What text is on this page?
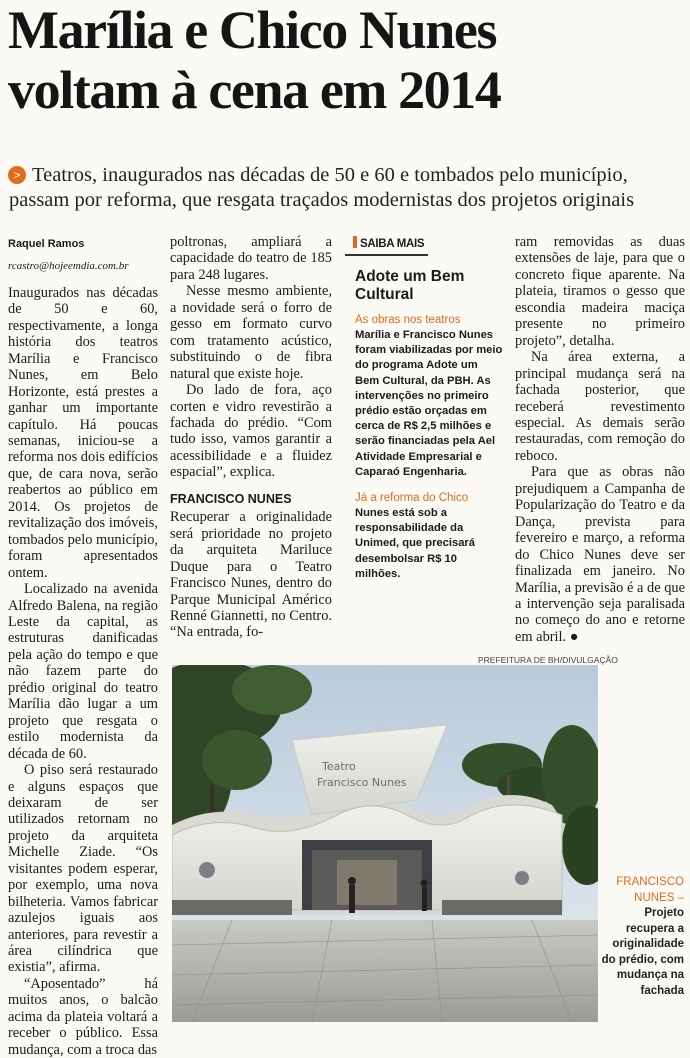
Marília e Chico Nunes
voltam à cena em 2014
> Teatros, inaugurados nas décadas de 50 e 60 e tombados pelo município,
passam por reforma, que resgata traçados modernistas dos projetos originais
Raquel Ramos
rcastro@hojeemdia.com.br

Inaugurados nas décadas de 50 e 60, respectivamente, a longa história dos teatros Marília e Francisco Nunes, em Belo Horizonte, está prestes a ganhar um importante capítulo. Há poucas semanas, iniciou-se a reforma nos dois edifícios que, de cara nova, serão reabertos ao público em 2014. Os projetos de revitalização dos imóveis, tombados pelo município, foram apresentados ontem.

Localizado na avenida Alfredo Balena, na região Leste da capital, as estruturas danificadas pela ação do tempo e que não fazem parte do prédio original do teatro Marília dão lugar a um projeto que resgata o estilo modernista da década de 60.

O piso será restaurado e alguns espaços que deixaram de ser utilizados retornam no projeto da arquiteta Michelle Ziade. “Os visitantes podem esperar, por exemplo, uma nova bilheteria. Vamos fabricar azulejos iguais aos anteriores, para revestir a área cilíndrica que existia”, afirma.

“Aposentado” há muitos anos, o balcão acima da plateia voltará a receber o público. Essa mudança, com a troca das

poltronas, ampliará a capacidade do teatro de 185 para 248 lugares.

Nesse mesmo ambiente, a novidade será o forro de gesso em formato curvo com tratamento acústico, substituindo o de fibra natural que existe hoje.

Do lado de fora, aço corten e vidro revestirão a fachada do prédio. “Com tudo isso, vamos garantir a acessibilidade e a fluidez espacial”, explica.

FRANCISCO NUNES

Recuperar a originalidade será prioridade no projeto da arquiteta Mariluce Duque para o Teatro Francisco Nunes, dentro do Parque Municipal Américo Renné Giannetti, no Centro. “Na entrada, fo-

SAIBA MAIS
Adote um Bem Cultural
As obras nos teatros
Marília e Francisco Nunes foram viabilizadas por meio do programa Adote um Bem Cultural, da PBH. As intervenções no primeiro prédio estão orçadas em cerca de R$ 2,5 milhões e serão financiadas pela Ael Atividade Empresarial e Caparaó Engenharia.
Já a reforma do Chico
Nunes está sob a responsabilidade da Unimed, que precisará desembolsar R$ 10 milhões.

ram removidas as duas extensões de laje, para que o concreto fique aparente. Na plateia, tiramos o gesso que escondia madeira maciça presente no primeiro projeto”, detalha.

Na área externa, a principal mudança será na fachada posterior, que receberá revestimento especial. As demais serão restauradas, com remoção do reboco.

Para que as obras não prejudiquem a Campanha de Popularização do Teatro e da Dança, prevista para fevereiro e março, a reforma do Chico Nunes deve ser finalizada em janeiro. No Marília, a previsão é a de que a intervenção seja paralisada no começo do ano e retorne em abril. ●

PREFEITURA DE BH/DIVULGAÇÃO
Teatro
Francisco Nunes
FRANCISCO NUNES –
Projeto recupera a originalidade do prédio, com mudança na fachada
